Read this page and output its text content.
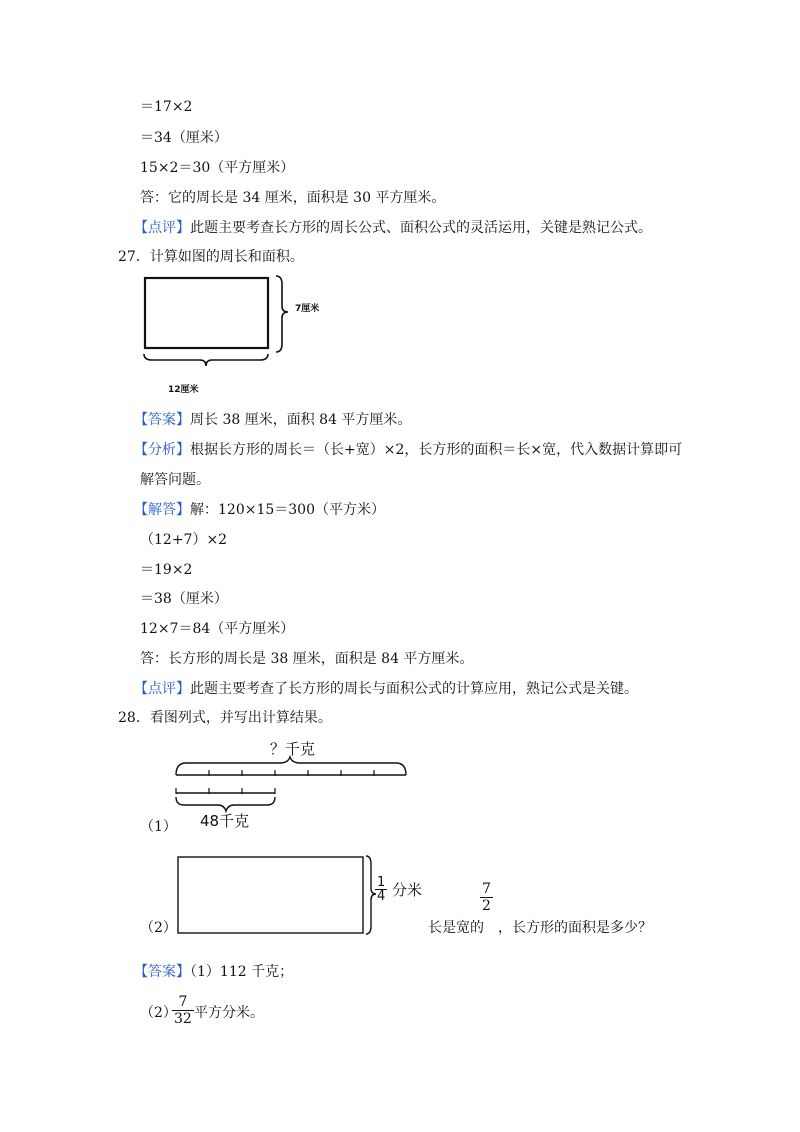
＝17×2
＝34（厘米）
15×2＝30（平方厘米）
答：它的周长是 34 厘米，面积是 30 平方厘米。
【点评】此题主要考查长方形的周长公式、面积公式的灵活运用，关键是熟记公式。
27．计算如图的周长和面积。
7厘米
12厘米
【答案】周长 38 厘米，面积 84 平方厘米。
【分析】根据长方形的周长＝（长+宽）×2，长方形的面积＝长×宽，代入数据计算即可
解答问题。
【解答】解：120×15＝300（平方米）
（12+7）×2
＝19×2
＝38（厘米）
12×7＝84（平方厘米）
答：长方形的周长是 38 厘米，面积是 84 平方厘米。
【点评】此题主要考查了长方形的周长与面积公式的计算应用，熟记公式是关键。
28．看图列式，并写出计算结果。
？千克
48千克
（1）
1
4 分米
（2）
7
2
长是宽的 ，长方形的面积是多少？
【答案】（1）112 千克；
（2）
7
32 平方分米。
